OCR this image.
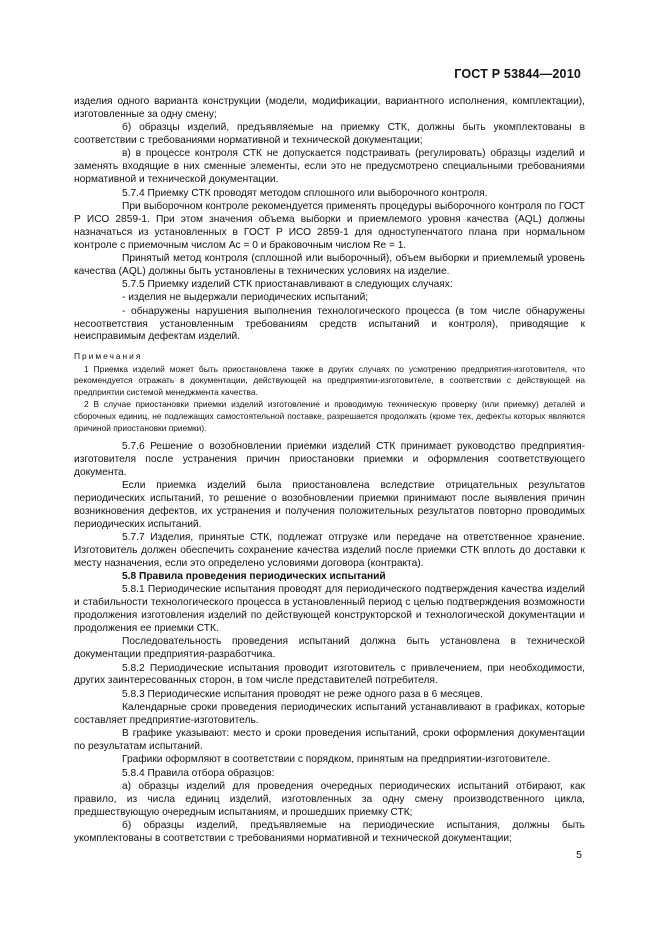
ГОСТ Р 53844—2010

изделия одного варианта конструкции (модели, модификации, вариантного исполнения, комплектации), изготовленные за одну смену;

б) образцы изделий, предъявляемые на приемку СТК, должны быть укомплектованы в соответствии с требованиями нормативной и технической документации;

в) в процессе контроля СТК не допускается подстраивать (регулировать) образцы изделий и заменять входящие в них сменные элементы, если это не предусмотрено специальными требованиями нормативной и технической документации.

5.7.4 Приемку СТК проводят методом сплошного или выборочного контроля.

При выборочном контроле рекомендуется применять процедуры выборочного контроля по ГОСТ Р ИСО 2859-1. При этом значения объема выборки и приемлемого уровня качества (AQL) должны назначаться из установленных в ГОСТ Р ИСО 2859-1 для одноступенчатого плана при нормальном контроле с приемочным числом Ac = 0 и браковочным числом Re = 1.

Принятый метод контроля (сплошной или выборочный), объем выборки и приемлемый уровень качества (AQL) должны быть установлены в технических условиях на изделие.

5.7.5 Приемку изделий СТК приостанавливают в следующих случаях:

- изделия не выдержали периодических испытаний;

- обнаружены нарушения выполнения технологического процесса (в том числе обнаружены несоответствия установленным требованиям средств испытаний и контроля), приводящие к неисправимым дефектам изделий.

Примечания

1 Приемка изделий может быть приостановлена также в других случаях по усмотрению предприятия-изготовителя, что рекомендуется отражать в документации, действующей на предприятии-изготовителе, в соответствии с действующей на предприятии системой менеджмента качества.

2 В случае приостановки приемки изделий изготовление и проводимую техническую проверку (или приемку) деталей и сборочных единиц, не подлежащих самостоятельной поставке, разрешается продолжать (кроме тех, дефекты которых являются причиной приостановки приемки).

5.7.6 Решение о возобновлении приемки изделий СТК принимает руководство предприятия-изготовителя после устранения причин приостановки приемки и оформления соответствующего документа.

Если приемка изделий была приостановлена вследствие отрицательных результатов периодических испытаний, то решение о возобновлении приемки принимают после выявления причин возникновения дефектов, их устранения и получения положительных результатов повторно проводимых периодических испытаний.

5.7.7 Изделия, принятые СТК, подлежат отгрузке или передаче на ответственное хранение. Изготовитель должен обеспечить сохранение качества изделий после приемки СТК вплоть до доставки к месту назначения, если это определено условиями договора (контракта).

5.8 Правила проведения периодических испытаний

5.8.1 Периодические испытания проводят для периодического подтверждения качества изделий и стабильности технологического процесса в установленный период с целью подтверждения возможности продолжения изготовления изделий по действующей конструкторской и технологической документации и продолжения ее приемки СТК.

Последовательность проведения испытаний должна быть установлена в технической документации предприятия-разработчика.

5.8.2 Периодические испытания проводит изготовитель с привлечением, при необходимости, других заинтересованных сторон, в том числе представителей потребителя.

5.8.3 Периодические испытания проводят не реже одного раза в 6 месяцев.

Календарные сроки проведения периодических испытаний устанавливают в графиках, которые составляет предприятие-изготовитель.

В графике указывают: место и сроки проведения испытаний, сроки оформления документации по результатам испытаний.

Графики оформляют в соответствии с порядком, принятым на предприятии-изготовителе.

5.8.4 Правила отбора образцов:

а) образцы изделий для проведения очередных периодических испытаний отбирают, как правило, из числа единиц изделий, изготовленных за одну смену производственного цикла, предшествующую очередным испытаниям, и прошедших приемку СТК;

б) образцы изделий, предъявляемые на периодические испытания, должны быть укомплектованы в соответствии с требованиями нормативной и технической документации;

5
